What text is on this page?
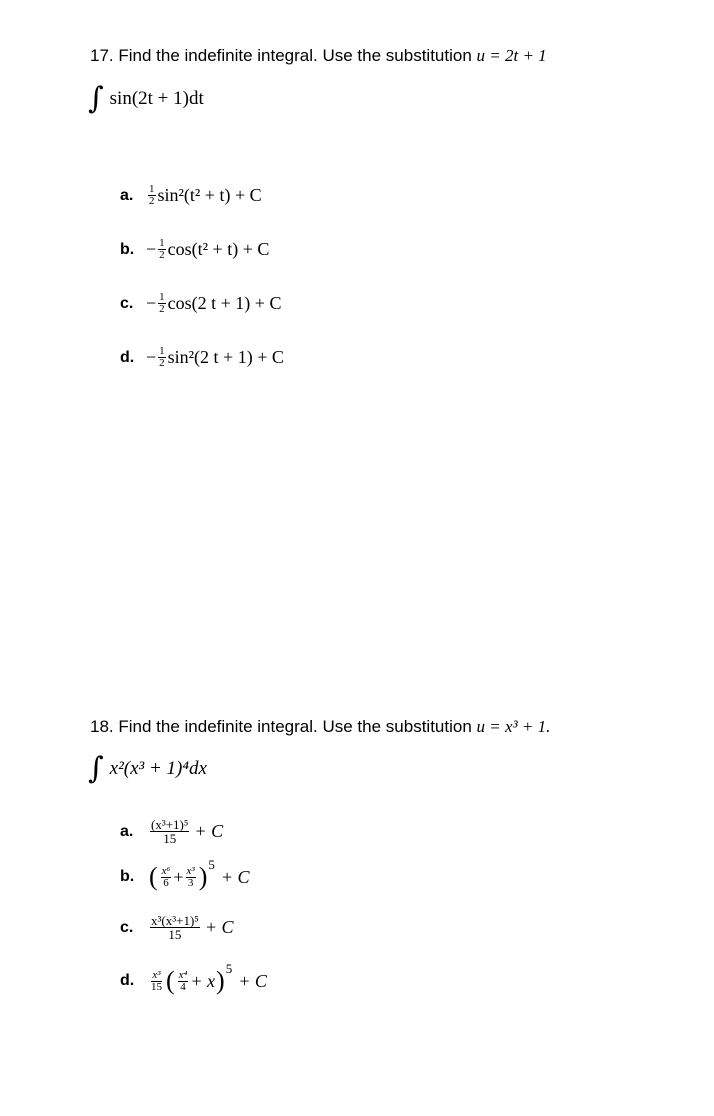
17. Find the indefinite integral. Use the substitution u = 2t + 1
∫ sin(2t + 1)dt
a.	$\frac{1}{2} \sin^2(t^2 + t) + C$
b. − $\frac{1}{2} \cos(t^2 + t) + C$
c. − $\frac{1}{2} \cos(2$ t + 1) + C
d. − $\frac{1}{2} \sin^2(2$ t + 1) + C
18. Find the indefinite integral. Use the substitution u = x³ + 1.
∫ x²(x³ + 1)⁴dx
a.	$\frac{\text{(x³+1)⁵}}{15} + C$
b. ( $\frac{\text{x⁶}}{6} + \frac{\text{x³}}{3}$ ) 5
+ C
c.	$\frac{\text{x³(x³+1)⁵}}{15} + C$
d.	$\frac{\text{x³}}{15}$ ( $\frac{\text{x⁴}}{4} + x$ ) 5
+ C
